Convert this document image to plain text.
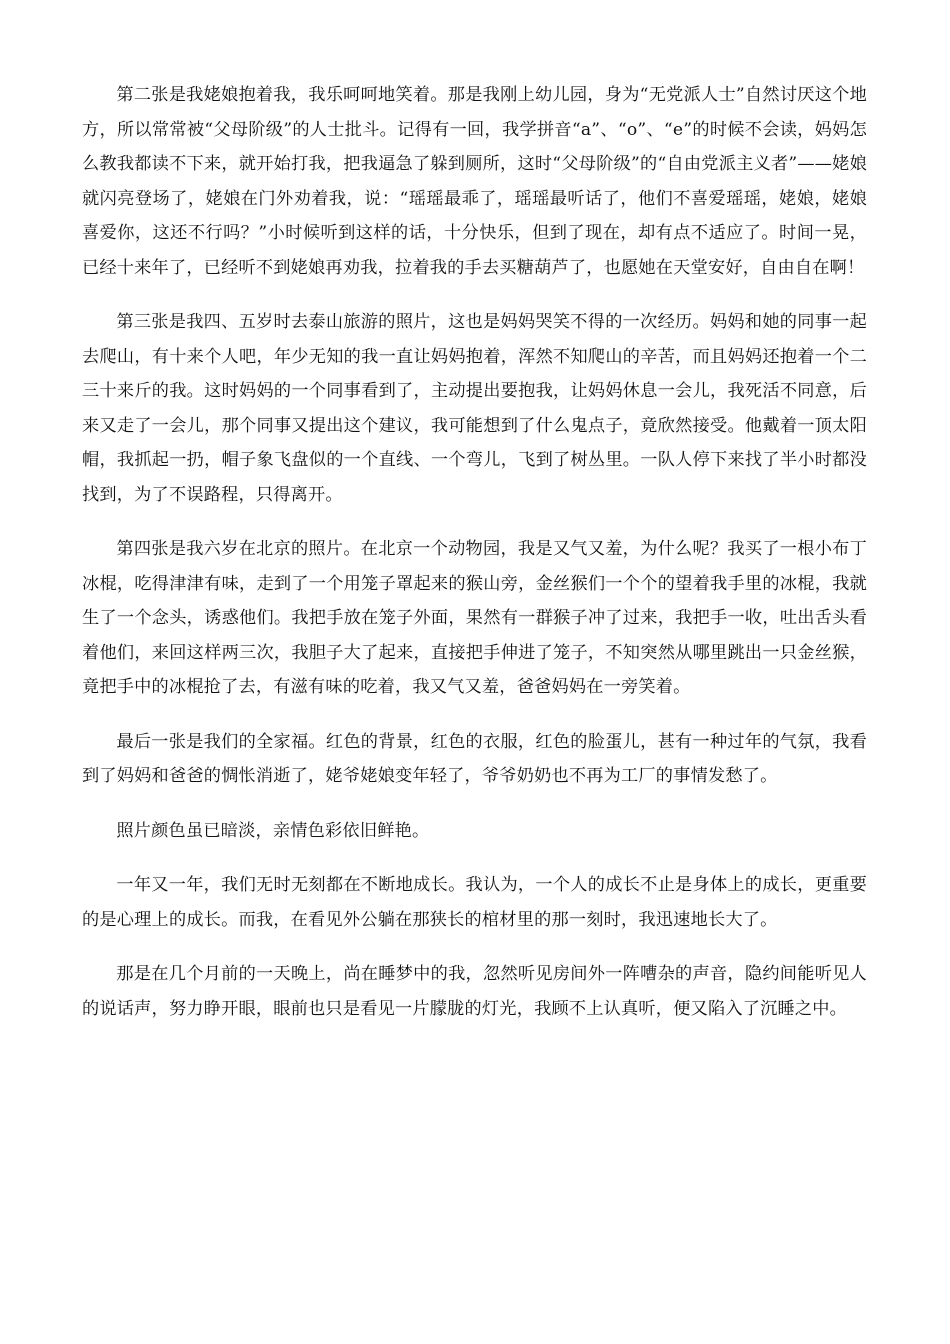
第二张是我姥娘抱着我，我乐呵呵地笑着。那是我刚上幼儿园，身为“无党派人士”自然讨厌这个地方，所以常常被“父母阶级”的人士批斗。记得有一回，我学拼音“a”、“o”、“e”的时候不会读，妈妈怎么教我都读不下来，就开始打我，把我逼急了躲到厕所，这时“父母阶级”的“自由党派主义者”——姥娘就闪亮登场了，姥娘在门外劝着我，说：“瑶瑶最乖了，瑶瑶最听话了，他们不喜爱瑶瑶，姥娘，姥娘喜爱你，这还不行吗？”小时候听到这样的话，十分快乐，但到了现在，却有点不适应了。时间一晃，已经十来年了，已经听不到姥娘再劝我，拉着我的手去买糖葫芦了，也愿她在天堂安好，自由自在啊！

第三张是我四、五岁时去泰山旅游的照片，这也是妈妈哭笑不得的一次经历。妈妈和她的同事一起去爬山，有十来个人吧，年少无知的我一直让妈妈抱着，浑然不知爬山的辛苦，而且妈妈还抱着一个二三十来斤的我。这时妈妈的一个同事看到了，主动提出要抱我，让妈妈休息一会儿，我死活不同意，后来又走了一会儿，那个同事又提出这个建议，我可能想到了什么鬼点子，竟欣然接受。他戴着一顶太阳帽，我抓起一扔，帽子象飞盘似的一个直线、一个弯儿，飞到了树丛里。一队人停下来找了半小时都没找到，为了不误路程，只得离开。

第四张是我六岁在北京的照片。在北京一个动物园，我是又气又羞，为什么呢？我买了一根小布丁冰棍，吃得津津有味，走到了一个用笼子罩起来的猴山旁，金丝猴们一个个的望着我手里的冰棍，我就生了一个念头，诱惑他们。我把手放在笼子外面，果然有一群猴子冲了过来，我把手一收，吐出舌头看着他们，来回这样两三次，我胆子大了起来，直接把手伸进了笼子，不知突然从哪里跳出一只金丝猴，竟把手中的冰棍抢了去，有滋有味的吃着，我又气又羞，爸爸妈妈在一旁笑着。

最后一张是我们的全家福。红色的背景，红色的衣服，红色的脸蛋儿，甚有一种过年的气氛，我看到了妈妈和爸爸的惆怅消逝了，姥爷姥娘变年轻了，爷爷奶奶也不再为工厂的事情发愁了。

照片颜色虽已暗淡，亲情色彩依旧鲜艳。

一年又一年，我们无时无刻都在不断地成长。我认为，一个人的成长不止是身体上的成长，更重要的是心理上的成长。而我，在看见外公躺在那狭长的棺材里的那一刻时，我迅速地长大了。

那是在几个月前的一天晚上，尚在睡梦中的我，忽然听见房间外一阵嘈杂的声音，隐约间能听见人的说话声，努力睁开眼，眼前也只是看见一片朦胧的灯光，我顾不上认真听，便又陷入了沉睡之中。
